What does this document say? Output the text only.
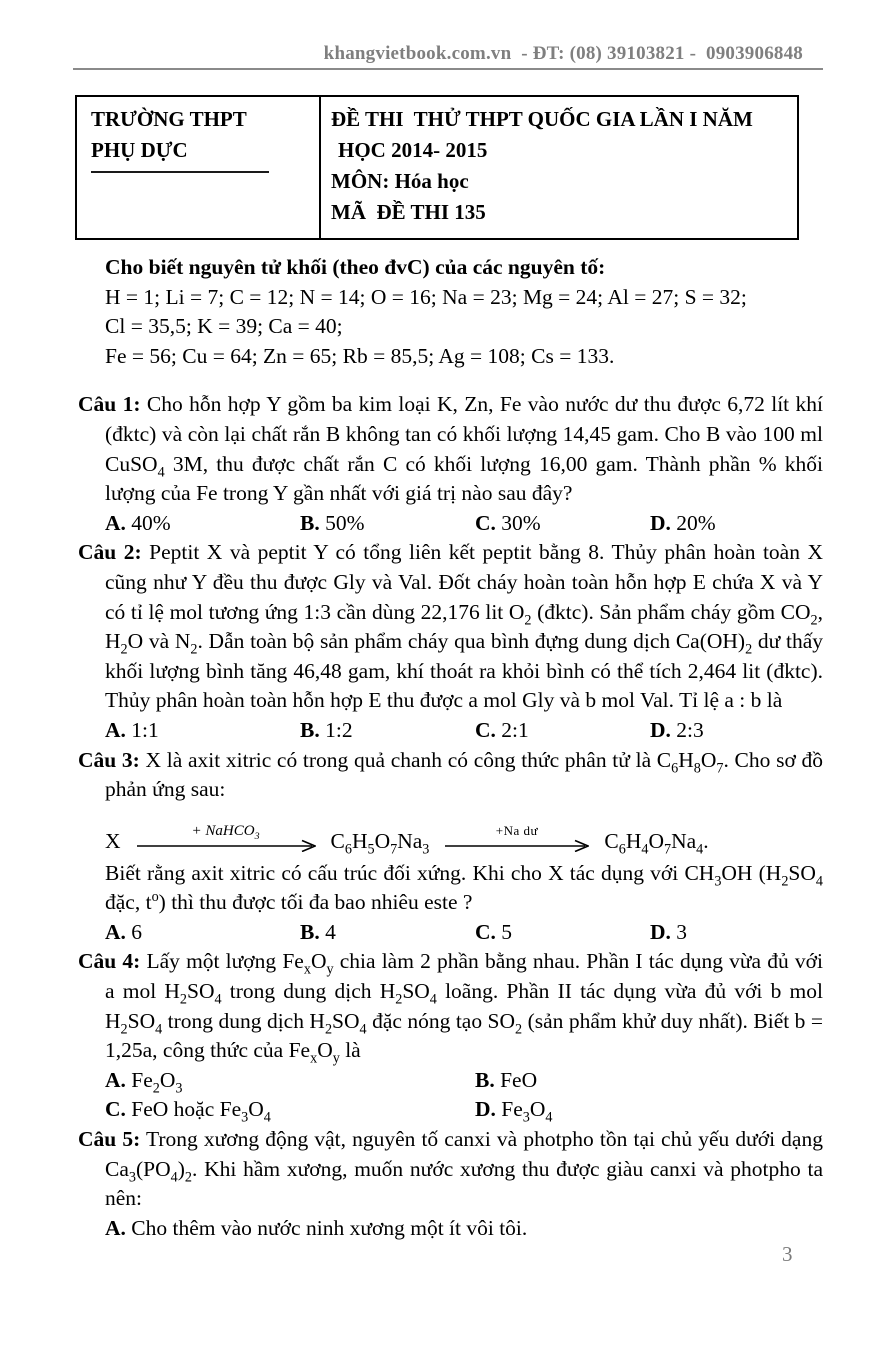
khangvietbook.com.vn  - ĐT: (08) 39103821 -  0903906848
TRƯỜNG THPT
PHỤ DỰC
ĐỀ THI  THỬ THPT QUỐC GIA LẦN I NĂM
HỌC 2014- 2015
MÔN: Hóa học
MÃ  ĐỀ THI 135
Cho biết nguyên tử khối (theo đvC) của các nguyên tố:
H = 1; Li = 7; C = 12; N = 14; O = 16; Na = 23; Mg = 24; Al = 27; S = 32;
Cl = 35,5; K = 39; Ca = 40;
Fe = 56; Cu = 64; Zn = 65; Rb = 85,5; Ag = 108; Cs = 133.
Câu 1: Cho hỗn hợp Y gồm ba kim loại K, Zn, Fe vào nước dư thu được 6,72 lít khí (đktc) và còn lại chất rắn B không tan có khối lượng 14,45 gam. Cho B vào 100 ml CuSO$_4$ 3M, thu được chất rắn C có khối lượng 16,00 gam. Thành phần % khối lượng của Fe trong Y gần nhất với giá trị nào sau đây?
A. 40%	B. 50%	C. 30%	D. 20%
Câu 2: Peptit X và peptit Y có tổng liên kết peptit bằng 8. Thủy phân hoàn toàn X cũng như Y đều thu được Gly và Val. Đốt cháy hoàn toàn hỗn hợp E chứa X và Y có tỉ lệ mol tương ứng 1:3 cần dùng 22,176 lit $O_2$ (đktc). Sản phẩm cháy gồm $CO_2$, $H_2O$ và $N_2$. Dẫn toàn bộ sản phẩm cháy qua bình đựng dung dịch $Ca(OH)_2$ dư thấy khối lượng bình tăng 46,48 gam, khí thoát ra khỏi bình có thể tích 2,464 lit (đktc). Thủy phân hoàn toàn hỗn hợp E thu được a mol Gly và b mol Val. Tỉ lệ a : b là
A. 1:1	B. 1:2	C. 2:1	D. 2:3
Câu 3: X là axit xitric có trong quả chanh có công thức phân tử là $C_6H_8O_7$. Cho sơ đồ phản ứng sau:
X	+ NaHCO$_3$	$C_6H_5O_7Na_3$
+Na dư	$C_6H_4O_7Na_4$.
Biết rằng axit xitric có cấu trúc đối xứng. Khi cho X tác dụng với $CH_3OH$ ($H_2SO_4$ đặc, $t^o$) thì thu được tối đa bao nhiêu este ?
A. 6	B. 4	C. 5	D. 3
Câu 4: Lấy một lượng $Fe_xO_y$ chia làm 2 phần bằng nhau. Phần I tác dụng vừa đủ với a mol $H_2SO_4$ trong dung dịch $H_2SO_4$ loãng. Phần II tác dụng vừa đủ với b mol $H_2SO_4$ trong dung dịch $H_2SO_4$ đặc nóng tạo $SO_2$ (sản phẩm khử duy nhất). Biết b = 1,25a, công thức của $Fe_xO_y$ là
A. $Fe_2O_3$	B. FeO
C. FeO hoặc $Fe_3O_4$	D. $Fe_3O_4$
Câu 5: Trong xương động vật, nguyên tố canxi và photpho tồn tại chủ yếu dưới dạng $Ca_3(PO_4)_2$. Khi hầm xương, muốn nước xương thu được giàu canxi và photpho ta nên:
A. Cho thêm vào nước ninh xương một ít vôi tôi.
3
